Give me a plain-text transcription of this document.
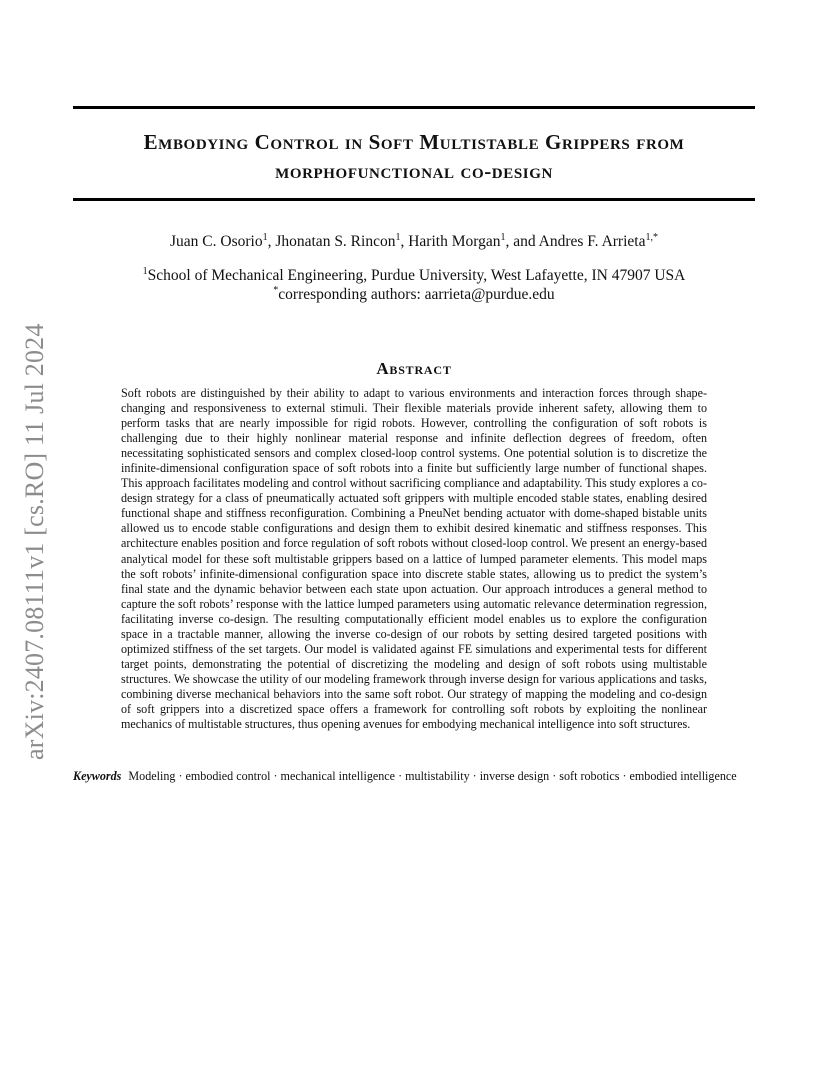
arXiv:2407.08111v1 [cs.RO] 11 Jul 2024
Embodying Control in Soft Multistable Grippers from
morphofunctional co-design
Juan C. Osorio$^1$, Jhonatan S. Rincon$^1$, Harith Morgan$^1$, and Andres F. Arrieta$^{1,*}$
$^1$School of Mechanical Engineering, Purdue University, West Lafayette, IN 47907 USA
*corresponding authors: aarrieta@purdue.edu
Abstract
Soft robots are distinguished by their ability to adapt to various environments and interaction forces through shape-changing and responsiveness to external stimuli. Their flexible materials provide inherent safety, allowing them to perform tasks that are nearly impossible for rigid robots. However, controlling the configuration of soft robots is challenging due to their highly nonlinear material response and infinite deflection degrees of freedom, often necessitating sophisticated sensors and complex closed-loop control systems. One potential solution is to discretize the infinite-dimensional configuration space of soft robots into a finite but sufficiently large number of functional shapes. This approach facilitates modeling and control without sacrificing compliance and adaptability. This study explores a co-design strategy for a class of pneumatically actuated soft grippers with multiple encoded stable states, enabling desired functional shape and stiffness reconfiguration. Combining a PneuNet bending actuator with dome-shaped bistable units allowed us to encode stable configurations and design them to exhibit desired kinematic and stiffness responses. This architecture enables position and force regulation of soft robots without closed-loop control. We present an energy-based analytical model for these soft multistable grippers based on a lattice of lumped parameter elements. This model maps the soft robots’ infinite-dimensional configuration space into discrete stable states, allowing us to predict the system’s final state and the dynamic behavior between each state upon actuation. Our approach introduces a general method to capture the soft robots’ response with the lattice lumped parameters using automatic relevance determination regression, facilitating inverse co-design. The resulting computationally efficient model enables us to explore the configuration space in a tractable manner, allowing the inverse co-design of our robots by setting desired targeted positions with optimized stiffness of the set targets. Our model is validated against FE simulations and experimental tests for different target points, demonstrating the potential of discretizing the modeling and design of soft robots using multistable structures. We showcase the utility of our modeling framework through inverse design for various applications and tasks, combining diverse mechanical behaviors into the same soft robot. Our strategy of mapping the modeling and co-design of soft grippers into a discretized space offers a framework for controlling soft robots by exploiting the nonlinear mechanics of multistable structures, thus opening avenues for embodying mechanical intelligence into soft structures.
Keywords Modeling · embodied control · mechanical intelligence · multistability · inverse design · soft robotics · embodied intelligence
